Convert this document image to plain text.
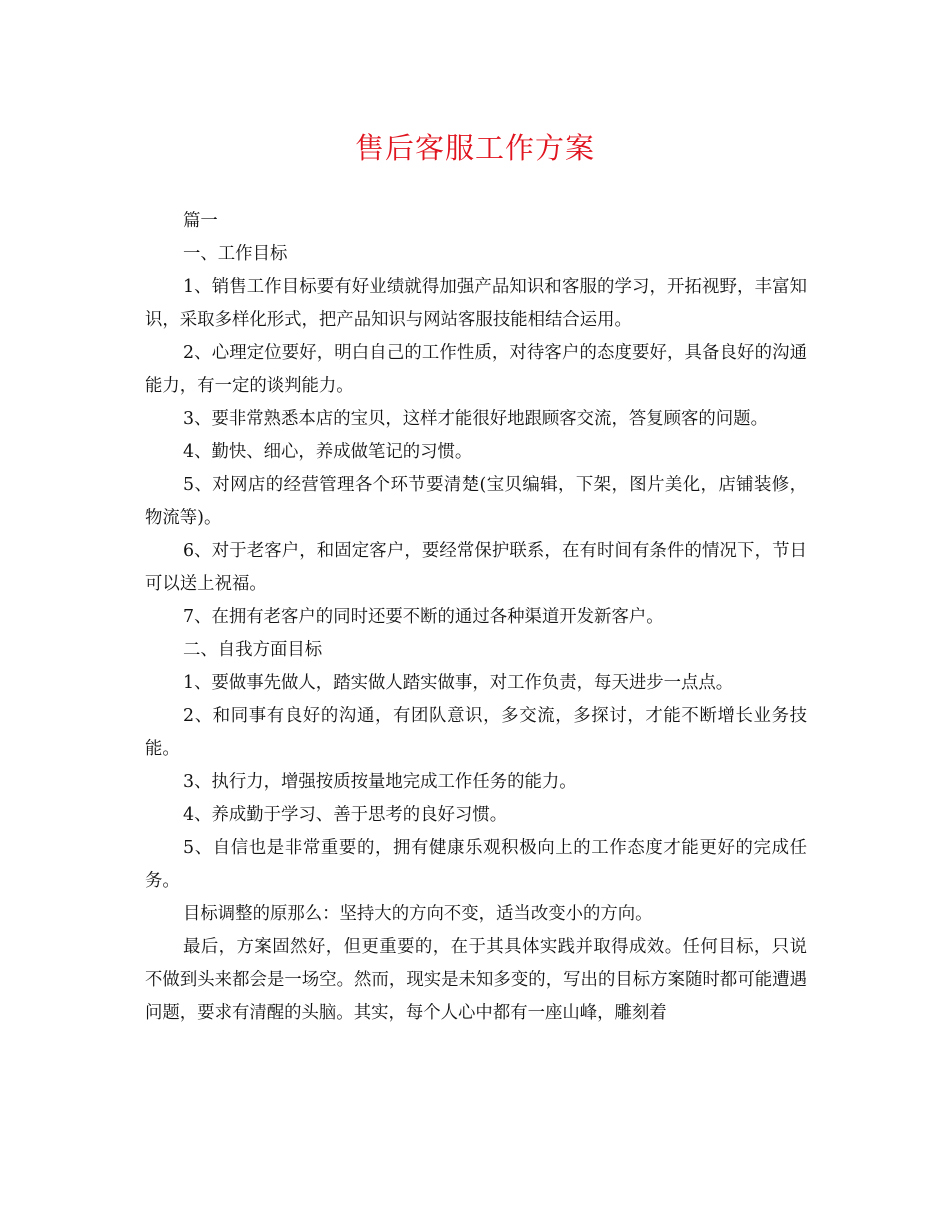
售后客服工作方案

篇一

一、工作目标

1、销售工作目标要有好业绩就得加强产品知识和客服的学习，开拓视野，丰富知识，采取多样化形式，把产品知识与网站客服技能相结合运用。

2、心理定位要好，明白自己的工作性质，对待客户的态度要好，具备良好的沟通能力，有一定的谈判能力。

3、要非常熟悉本店的宝贝，这样才能很好地跟顾客交流，答复顾客的问题。

4、勤快、细心，养成做笔记的习惯。

5、对网店的经营管理各个环节要清楚(宝贝编辑，下架，图片美化，店铺装修，物流等)。

6、对于老客户，和固定客户，要经常保护联系，在有时间有条件的情况下，节日可以送上祝福。

7、在拥有老客户的同时还要不断的通过各种渠道开发新客户。

二、自我方面目标

1、要做事先做人，踏实做人踏实做事，对工作负责，每天进步一点点。

2、和同事有良好的沟通，有团队意识，多交流，多探讨，才能不断增长业务技能。

3、执行力，增强按质按量地完成工作任务的能力。

4、养成勤于学习、善于思考的良好习惯。

5、自信也是非常重要的，拥有健康乐观积极向上的工作态度才能更好的完成任务。

目标调整的原那么：坚持大的方向不变，适当改变小的方向。

最后，方案固然好，但更重要的，在于其具体实践并取得成效。任何目标，只说不做到头来都会是一场空。然而，现实是未知多变的，写出的目标方案随时都可能遭遇问题，要求有清醒的头脑。其实，每个人心中都有一座山峰，雕刻着
